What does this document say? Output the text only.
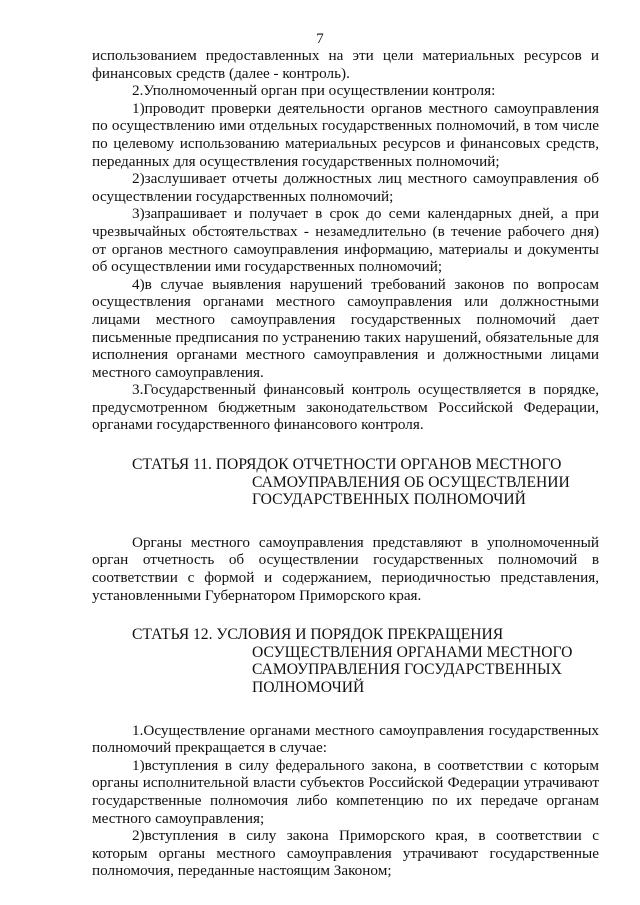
7

использованием предоставленных на эти цели материальных ресурсов и финансовых средств (далее - контроль).

2.Уполномоченный орган при осуществлении контроля:

1)проводит проверки деятельности органов местного самоуправления по осуществлению ими отдельных государственных полномочий, в том числе по целевому использованию материальных ресурсов и финансовых средств, переданных для осуществления государственных полномочий;

2)заслушивает отчеты должностных лиц местного самоуправления об осуществлении государственных полномочий;

3)запрашивает и получает в срок до семи календарных дней, а при чрезвычайных обстоятельствах - незамедлительно (в течение рабочего дня) от органов местного самоуправления информацию, материалы и документы об осуществлении ими государственных полномочий;

4)в случае выявления нарушений требований законов по вопросам осуществления органами местного самоуправления или должностными лицами местного самоуправления государственных полномочий дает письменные предписания по устранению таких нарушений, обязательные для исполнения органами местного самоуправления и должностными лицами местного самоуправления.

3.Государственный финансовый контроль осуществляется в порядке, предусмотренном бюджетным законодательством Российской Федерации, органами государственного финансового контроля.

СТАТЬЯ 11. ПОРЯДОК ОТЧЕТНОСТИ ОРГАНОВ МЕСТНОГО
САМОУПРАВЛЕНИЯ ОБ ОСУЩЕСТВЛЕНИИ
ГОСУДАРСТВЕННЫХ ПОЛНОМОЧИЙ

Органы местного самоуправления представляют в уполномоченный орган отчетность об осуществлении государственных полномочий в соответствии с формой и содержанием, периодичностью представления, установленными Губернатором Приморского края.

СТАТЬЯ 12. УСЛОВИЯ И ПОРЯДОК ПРЕКРАЩЕНИЯ
ОСУЩЕСТВЛЕНИЯ ОРГАНАМИ МЕСТНОГО
САМОУПРАВЛЕНИЯ ГОСУДАРСТВЕННЫХ
ПОЛНОМОЧИЙ

1.Осуществление органами местного самоуправления государственных полномочий прекращается в случае:

1)вступления в силу федерального закона, в соответствии с которым органы исполнительной власти субъектов Российской Федерации утрачивают государственные полномочия либо компетенцию по их передаче органам местного самоуправления;

2)вступления в силу закона Приморского края, в соответствии с которым органы местного самоуправления утрачивают государственные полномочия, переданные настоящим Законом;
